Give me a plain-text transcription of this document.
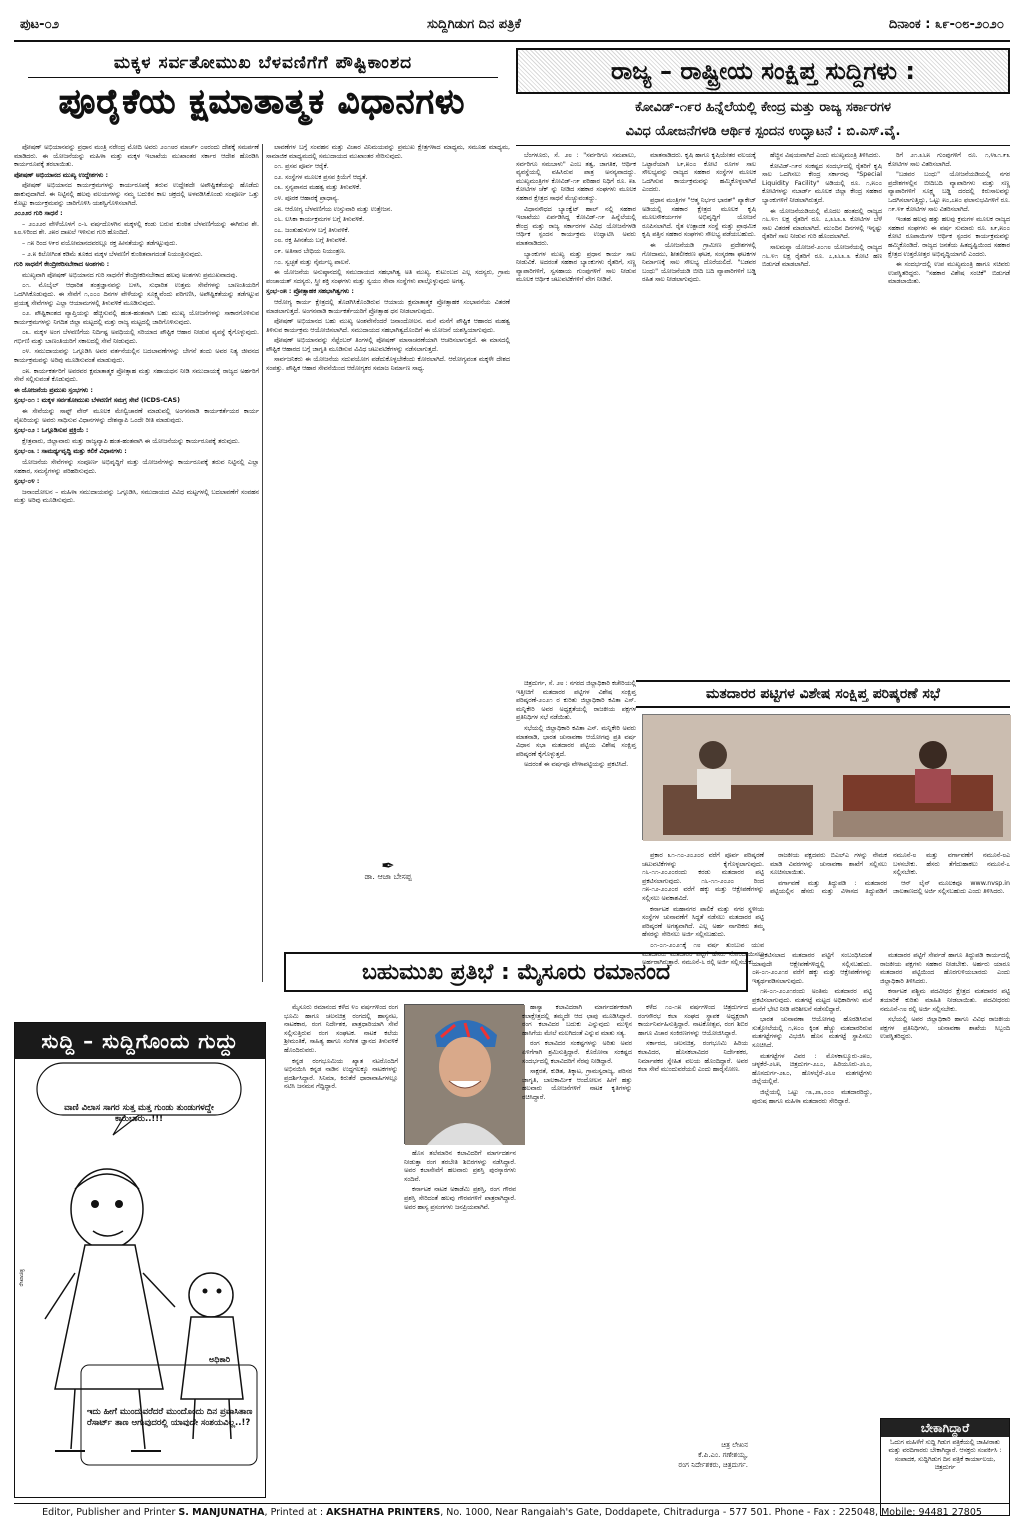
ಪುಟ-೦೨	ಸುದ್ದಿಗಿಡುಗ ದಿನ ಪತ್ರಿಕೆ	ದಿನಾಂಕ : ೩೯-೦೮-೨೦೨೦
ಮಕ್ಕಳ ಸರ್ವತೋಮುಖ ಬೆಳವಣಿಗೆಗೆ ಪೌಷ್ಟಿಕಾಂಶದ
ಪೂರೈಕೆಯ ಕ್ಷಮಾತಾತ್ಮಕ ವಿಧಾನಗಳು

ಪೋಷಣ್ ಅಭಿಯಾನವನ್ನು ಪ್ರಧಾನ ಮಂತ್ರಿ ನರೇಂದ್ರ ಮೋದಿ ಅವರು ೨೦೧೮ರ ಮಾರ್ಚ್ ೦೮ರಂದು ದೇಶಕ್ಕೆ ಸಮರ್ಪಣೆ ಮಾಡಿದರು. ಈ ಯೋಜನೆಯನ್ನು ಮಹಿಳಾ ಮತ್ತು ಮಕ್ಕಳ ಇಲಾಖೆಯ ಮುಖಾಂತರ ಸರ್ಕಾರ ಆದೇಶ ಹೊರಡಿಸಿ ಕಾರ್ಯರೂಪಕ್ಕೆ ತರಲಾಯಿತು.

ಪೋಷಣ್ ಅಭಿಯಾನದ ಮುಖ್ಯ ಉದ್ದೇಶಗಳು :

ಪೋಷಣ್ ಅಭಿಯಾನದ ಕಾರ್ಯಕ್ರಮಗಳನ್ನು ಕಾರ್ಯರೂಪಕ್ಕೆ ತರುವ ಉದ್ದೇಶದೇ ಅಪೌಷ್ಟಿಕತೆಯನ್ನು ಹೊಡೆದು ಹಾಕುವುದಾಗಿದೆ. ಈ ನಿಟ್ಟಿನಲ್ಲಿ ಹಲವು ವಲಯಗಳನ್ನು ನಮ್ಮ ಬದುಕಿನ ಕಾಲ ಚಕ್ರದಲ್ಲಿ ಅಳವಡಿಸಿಕೊಂಡು ಸಂಪೂರ್ಣ ಒತ್ತು ಕೊಟ್ಟು ಕಾರ್ಯಕ್ರಮವನ್ನು ಜಾರಿಗೊಳಿಸಿ ಯಶಸ್ವಿಗೊಳಿಸಲಾಗಿದೆ.

೨೦೨೨ರ ಗುರಿ ಸಾಧನೆ :

– ೨೦೨೨ರ ವೇಳೆಯೊಳಗೆ ೦-೬ ವರ್ಷದೊಳಗಿನ ಮಕ್ಕಳಲ್ಲಿ ಕಂಡು ಬರುವ ಕುಂಠಿತ ಬೆಳವಣಿಗೆಯನ್ನು ಈಗಿರುವ ಶೇ. ೩೮.೪ರಿಂದ ಶೇ. ೨೫ರ ದಾಖಲೆ ಇಳಿಸುವ ಗುರಿ ಹೊಂದಿದೆ.

– ೧೫ ರಿಂದ ೪೯ರ ವಯೋಮಾನದವರಲ್ಲೂ ರಕ್ತ ಹೀನತೆಯನ್ನು ತಡೆಗಟ್ಟುವುದು.

– ೨.೫ ಕಿಲೋಗಿಂತ ಕಡಿಮೆ ತೂಕದ ಮಕ್ಕಳ ಬೆಳವಣಿಗೆ ಕುಂಠಿತವಾಗದಂತೆ ನಿಯಂತ್ರಿಸುವುದು.

ಗುರಿ ಸಾಧನೆಗೆ ಕೇಂದ್ರೀಕರಿಸಬೇಕಾದ ಅಂಶಗಳು :

ಮುಖ್ಯವಾಗಿ ಪೋಷಣ್ ಅಭಿಯಾನದ ಗುರಿ ಸಾಧನೆಗೆ ಕೇಂದ್ರೀಕರಿಸಬೇಕಾದ ಹಲವು ಅಂಶಗಳು ಪ್ರಮುಖವಾದವು.

೦೧. ಮೊಬೈಲ್ ಆಧಾರಿತ ತಂತ್ರಜ್ಞಾನವನ್ನು ಬಳಸಿ, ಸುಧಾರಿತ ಉತ್ತಮ ಸೇವೆಗಳನ್ನು ಬಾಣಂತಿಯರಿಗೆ ಒದಗಿಸಿಕೊಡುವುದು. ಈ ಸೇವೆಗೆ ೧,೦೦೦ ದಿನಗಳ ವೇಳೆಯನ್ನು ಸೂಕ್ಷ್ಮವೆಂದು ಪರಿಗಣಿಸಿ, ಅಪೌಷ್ಟಿಕತೆಯನ್ನು ತಡೆಗಟ್ಟುವ ಪ್ರಯತ್ನ ಸೇವೆಗಳನ್ನು ಎಲ್ಲಾ ಆಯಾಮಗಳಲ್ಲಿ ತಿಳುವಳಿಕೆ ಮೂಡಿಸುವುದು.

೦೨. ಪೌಷ್ಟಿಕಾಂಶದ ವ್ಯಾಪ್ತಿಯನ್ನು ಹೆಚ್ಚಿಸುವಲ್ಲಿ ಹಂತ-ಹಂತವಾಗಿ ಬಹು ಮುಖ್ಯ ಯೋಜನೆಗಳನ್ನು ಸಾಕಾರಗೊಳಿಸುವ ಕಾರ್ಯಕ್ರಮಗಳನ್ನು ನಿಗದಿತ ಜಿಲ್ಲಾ ಮಟ್ಟದಲ್ಲಿ ಮತ್ತು ರಾಜ್ಯ ಮಟ್ಟದಲ್ಲಿ ಜಾರಿಗೊಳಿಸುವುದು.

೦೩. ಮಕ್ಕಳ ಅಂಗ ಬೆಳವಣಿಗೆಯ ನಿರ್ದಿಷ್ಟ ಅವಧಿಯಲ್ಲಿ ಸರಿಯಾದ ಪೌಷ್ಟಿಕ ಆಹಾರ ನೀಡುವ ವ್ಯವಸ್ಥೆ ಕೈಗೊಳ್ಳುವುದು. ಗರ್ಭಿಣಿ ಮತ್ತು ಬಾಣಂತಿಯರಿಗೆ ಸಕಾಲದಲ್ಲಿ ಸೇವೆ ನೀಡುವುದು.

೦೪. ಸಮುದಾಯವನ್ನು ಒಗ್ಗೂಡಿಸಿ ಅವರ ವರ್ತನೆಯಲ್ಲಿನ ಬದಲಾವಣೆಗಳನ್ನು ಬೇಗನೆ ತಂದು ಅವರ ನಿತ್ಯ ಜೀವನದ ಕಾರ್ಯಕ್ರಮವನ್ನು ಅರಿವು ಮೂಡಿಸುವಂತೆ ಮಾಡುವುದು.

೦೫. ಕಾರ್ಯಕರ್ತರಿಗೆ ಅವರವರ ಕ್ಷಮಾತಾತ್ಮಕ ಪ್ರೋತ್ಸಾಹ ಮತ್ತು ಸಹಾಯಧನ ನೀಡಿ ಸಮುದಾಯಕ್ಕೆ ರಾಜ್ಯದ ಅರ್ಹರಿಗೆ ಸೇವೆ ಸಲ್ಲಿಸುವಂತೆ ಕೊಡುವುದು.

ಈ ಯೋಜನೆಯ ಪ್ರಮುಖ ಸ್ತಂಭಗಳು :

ಸ್ತಂಭ-೦೧ : ಮಕ್ಕಳ ಸರ್ವತೋಮುಖ ಬೆಳವಣಿಗೆ ಸಮಗ್ರ ಸೇವೆ (ICDS-CAS)

ಈ ಸೇವೆಯನ್ನು ಸಾಫ್ಟ್ ವೇರ್ ಮೂಲಕ ಮೇಲ್ವಿಚಾರಣೆ ಮಾಡುವಲ್ಲಿ ಅಂಗನವಾಡಿ ಕಾರ್ಯಕರ್ತೆಯರ ಕಾರ್ಯ ವೈಖರಿಯನ್ನು ಅವರು ಸಾಧಿಸುವ ವಿಧಾನಗಳನ್ನು ದೇಶವ್ಯಾಪಿ ಒಂದೇ ರೀತಿ ಮಾಡುವುದು.

ಸ್ತಂಭ-೦೨ : ಒಗ್ಗೂಡಿಸುವ ಪ್ರಕ್ರಿಯೆ :

ಕ್ಷೇತ್ರವಾರು, ಜಿಲ್ಲಾವಾರು ಮತ್ತು ರಾಜ್ಯವ್ಯಾಪಿ ಹಂತ-ಹಂತವಾಗಿ ಈ ಯೋಜನೆಯನ್ನು ಕಾರ್ಯರೂಪಕ್ಕೆ ತರುವುದು.

ಸ್ತಂಭ-೦೩ : ಸಾಮರ್ಥ್ಯವೃದ್ಧಿ ಮತ್ತು ಕಲಿಕೆ ವಿಧಾನಗಳು :

ಯೋಜನೆಯ ಸೇವೆಗಳನ್ನು ಸಂಪೂರ್ಣ ಅಭಿವೃದ್ಧಿಗೆ ಮತ್ತು ಯೋಜನೆಗಳನ್ನು ಕಾರ್ಯರೂಪಕ್ಕೆ ತರುವ ನಿಟ್ಟಿನಲ್ಲಿ ಎಲ್ಲಾ ಸಹಕಾರ, ಸಮಸ್ಯೆಗಳನ್ನು ಪರಿಹರಿಸುವುದು.

ಸ್ತಂಭ-೦೪ :

ಜನಾಂದೋಲನ – ಮಹಿಳಾ ಸಮುದಾಯವನ್ನು ಒಗ್ಗೂಡಿಸಿ, ಸಮುದಾಯದ ವಿವಿಧ ಮಟ್ಟಗಳಲ್ಲಿ ಬದಲಾವಣೆಗೆ ಸಂವಹನ ಮತ್ತು ಅರಿವು ಮೂಡಿಸುವುದು.

ಲಾವಣೆಗಳ ಬಗ್ಗೆ ಸಂವಹನ ಮತ್ತು ವಿಚಾರ ವಿನಿಮಯವನ್ನು ಪ್ರಮುಖ ಕ್ಷೇತ್ರಗಳಾದ ಮಾಧ್ಯಮ, ಸಮೂಹ ಮಾಧ್ಯಮ, ಸಾಮಾಜಿಕ ಮಾಧ್ಯಮದಲ್ಲಿ ಸಮುದಾಯದ ಮುಖಾಂತರ ಸೇರಿಸುವುದು.

೦೧. ಪ್ರಸವ ಪೂರ್ವ ಆರೈಕೆ.

೦೨. ಸಂಸ್ಥೆಗಳ ಮೂಲಕ ಪ್ರಸವ ಕ್ರಿಯೆಗೆ ಆದ್ಯತೆ.

೦೩. ಸ್ತನ್ಯಪಾನದ ಮಹತ್ವ ಮತ್ತು ತಿಳುವಳಿಕೆ.

೦೪. ಪೂರಕ ಆಹಾರಕ್ಕೆ ಪ್ರಾಧಾನ್ಯ.

೦೫. ಆರೋಗ್ಯ ಬೆಳವಣಿಗೆಯ ಉಸ್ತುವಾರಿ ಮತ್ತು ಉತ್ತೇಜನ.

೦೬. ಲಸಿಕಾ ಕಾರ್ಯಕ್ರಮಗಳ ಬಗ್ಗೆ ತಿಳುವಳಿಕೆ.

೦೭. ಜಂತುಹುಳುಗಳ ಬಗ್ಗೆ ತಿಳುವಳಿಕೆ.

೦೮. ರಕ್ತ ಹೀನತೆಯ ಬಗ್ಗೆ ತಿಳುವಳಿಕೆ.

೦೯. ಅತಿಸಾರ ಬೇಧಿಯ ನಿಯಂತ್ರಣ.

೧೦. ಸ್ವಚ್ಛತೆ ಮತ್ತು ನೈರ್ಮಲ್ಯ ಪಾಲನೆ.

ಈ ಯೋಜನೆಯ ಅನುಷ್ಠಾನದಲ್ಲಿ ಸಮುದಾಯದ ಸಹಭಾಗಿತ್ವ ಅತಿ ಮುಖ್ಯ. ಕುಟುಂಬದ ಎಲ್ಲ ಸದಸ್ಯರು, ಗ್ರಾಮ ಪಂಚಾಯತ್ ಸದಸ್ಯರು, ಸ್ತ್ರೀ ಶಕ್ತಿ ಸಂಘಗಳು ಮತ್ತು ಸ್ವಯಂ ಸೇವಾ ಸಂಸ್ಥೆಗಳು ಪಾಲ್ಗೊಳ್ಳುವುದು ಅಗತ್ಯ.

ಸ್ತಂಭ-೦೫ : ಪ್ರೋತ್ಸಾಹಕ ಸಹಭಾಗಿತ್ವಗಳು :

ಆರೋಗ್ಯ ಕಾರ್ಯ ಕ್ಷೇತ್ರದಲ್ಲಿ ತೊಡಗಿಸಿಕೊಂಡಿರುವ ಆಯಾಯ ಕ್ಷಮಾತಾತ್ಮಕ ಪ್ರೋತ್ಸಾಹಕ ಸಂಭಾವನೆಯ ವಿತರಣೆ ಮಾಡಲಾಗುತ್ತದೆ. ಅಂಗನವಾಡಿ ಕಾರ್ಯಕರ್ತೆಯರಿಗೆ ಪ್ರೋತ್ಸಾಹ ಧನ ನೀಡಲಾಗುವುದು.

ಪೋಷಣ್ ಅಭಿಯಾನದ ಬಹು ಮುಖ್ಯ ಅಂಶವೇನೆಂದರೆ ಜನಾಂದೋಲನ. ಮನೆ ಮನೆಗೆ ಪೌಷ್ಟಿಕ ಆಹಾರದ ಮಹತ್ವ ತಿಳಿಸುವ ಕಾರ್ಯಕ್ರಮ ಆಯೋಜಿಸಲಾಗಿದೆ. ಸಮುದಾಯದ ಸಹಭಾಗಿತ್ವದೊಂದಿಗೆ ಈ ಯೋಜನೆ ಯಶಸ್ವಿಯಾಗುವುದು.

ಪೋಷಣ್ ಅಭಿಯಾನವನ್ನು ಸೆಪ್ಟೆಂಬರ್ ತಿಂಗಳಲ್ಲಿ ಪೋಷಣ್ ಮಾಸಾಚರಣೆಯಾಗಿ ಆಚರಿಸಲಾಗುತ್ತದೆ. ಈ ಮಾಸದಲ್ಲಿ ಪೌಷ್ಟಿಕ ಆಹಾರದ ಬಗ್ಗೆ ಜಾಗೃತಿ ಮೂಡಿಸುವ ವಿವಿಧ ಚಟುವಟಿಕೆಗಳನ್ನು ನಡೆಸಲಾಗುತ್ತದೆ.

ಸಾರ್ವಜನಿಕರು ಈ ಯೋಜನೆಯ ಸದುಪಯೋಗ ಪಡೆದುಕೊಳ್ಳಬೇಕೆಂದು ಕೋರಲಾಗಿದೆ. ಆರೋಗ್ಯವಂತ ಮಕ್ಕಳೇ ದೇಶದ ಸಂಪತ್ತು. ಪೌಷ್ಟಿಕ ಆಹಾರ ಸೇವನೆಯಿಂದ ಆರೋಗ್ಯಕರ ಸಮಾಜ ನಿರ್ಮಾಣ ಸಾಧ್ಯ.

✒
ಡಾ. ಆಜಾ ಬೇಸಪ್ಪ
ಸುದ್ದಿ – ಸುದ್ದಿಗೊಂದು ಗುದ್ದು
ವಾಣಿ ವಿಲಾಸ ಸಾಗರ ಸುತ್ತ ಮತ್ತ ಗುಂಡು ತುಂಡುಗಳದ್ದೇ ಕಾರುಬಾರು..!!!
ಅಧಿಕಾರಿ
ಇದು ಹೀಗೆ ಮುಂದುವರೆದರೆ ಮುಂದೊಂದು ದಿನ ಪ್ರವಾಸಿತಾಣ ರೆಸಾರ್ಟ್ ತಾಣ ಆಗುವುದರಲ್ಲಿ ಯಾವುದೇ ಸಂಶಯವಿಲ್ಲ..!?
ರೇಖಾಚಿತ್ರ
ರಾಜ್ಯ – ರಾಷ್ಟ್ರೀಯ ಸಂಕ್ಷಿಪ್ತ ಸುದ್ದಿಗಳು :
ಕೋವಿಡ್-೧೯ರ ಹಿನ್ನೆಲೆಯಲ್ಲಿ ಕೇಂದ್ರ ಮತ್ತು ರಾಜ್ಯ ಸರ್ಕಾರಗಳ
ವಿವಿಧ ಯೋಜನೆಗಳಡಿ ಆರ್ಥಿಕ ಸ್ಪಂದನ ಉದ್ಘಾಟನೆ : ಬಿ.ಎಸ್.ವೈ.

ಬೆಂಗಳೂರು, ಸೆ. ೨೮ : "ಸರ್ವರಿಗೂ ಸಮಪಾಲು, ಸರ್ವರಿಗೂ ಸಮಬಾಳು" ಎಂಬ ತತ್ವ, ಜಾಗತಿಕ, ಆರ್ಥಿಕ ವ್ಯವಸ್ಥೆಯಲ್ಲಿ ವಹಿಸಿರುವ ಪಾತ್ರ ಅನನ್ಯವಾದದ್ದು. ಮುಖ್ಯಮಂತ್ರಿಗಳ ಕೋವಿಡ್-೧೯ ಪರಿಹಾರ ನಿಧಿಗೆ ರೂ. ೫೩ ಕೋಟಿಗಳ ಚೆಕ್ ನ್ನು ನೀಡಿದ ಸಹಕಾರ ಸಂಘಗಳು ಮೂಲಕ ಸಹಕಾರ ಕ್ಷೇತ್ರದ ಸಾಧನೆ ಮೆಚ್ಚುವಂತದ್ದು.

ವಿಧಾನಸೌಧದ ಬ್ಯಾಂಕ್ವೆಟ್ ಹಾಲ್ ನಲ್ಲಿ ಸಹಕಾರ ಇಲಾಖೆಯು ಏರ್ಪಡಿಸಿದ್ದ ಕೋವಿಡ್-೧೯ ಹಿನ್ನೆಲೆಯಲ್ಲಿ ಕೇಂದ್ರ ಮತ್ತು ರಾಜ್ಯ ಸರ್ಕಾರಗಳ ವಿವಿಧ ಯೋಜನೆಗಳಡಿ ಆರ್ಥಿಕ ಸ್ಪಂದನ ಕಾರ್ಯಕ್ರಮ ಉದ್ಘಾಟಿಸಿ ಅವರು ಮಾತನಾಡಿದರು.

ಬ್ಯಾಂಕುಗಳ ಮುಖ್ಯ ಮತ್ತು ಪ್ರಧಾನ ಕಾರ್ಯ ಸಾಲ ನೀಡುವಿಕೆ. ಅದರಂತೆ ಸಹಕಾರ ಬ್ಯಾಂಕುಗಳು ರೈತರಿಗೆ, ಸಣ್ಣ ವ್ಯಾಪಾರಿಗಳಿಗೆ, ಸ್ವಸಹಾಯ ಗುಂಪುಗಳಿಗೆ ಸಾಲ ನೀಡುವ ಮೂಲಕ ಆರ್ಥಿಕ ಚಟುವಟಿಕೆಗಳಿಗೆ ವೇಗ ನೀಡಿವೆ.

ಮಾತನಾಡಿದರು. ಕೃಷಿ ಹಾಗೂ ಕೃಷಿಯೇತರ ವಲಯಕ್ಕೆ ಒಟ್ಟಾರೆಯಾಗಿ ೬೯,೫೦೦ ಕೋಟಿ ರೂಗಳ ಸಾಲ ಸೌಲಭ್ಯವನ್ನು ರಾಜ್ಯದ ಸಹಕಾರ ಸಂಸ್ಥೆಗಳ ಮೂಲಕ ಒದಗಿಸುವ ಕಾರ್ಯಕ್ರಮವನ್ನು ಹಮ್ಮಿಕೊಳ್ಳಲಾಗಿದೆ ಎಂದರು.

ಪ್ರಧಾನ ಮಂತ್ರಿಗಳ "ಆತ್ಮ ನಿರ್ಭರ ಭಾರತ್" ಪ್ಯಾಕೇಜ್ ಅಡಿಯಲ್ಲಿ ಸಹಕಾರ ಕ್ಷೇತ್ರದ ಮೂಲಕ ಕೃಷಿ ಮೂಲಸೌಕರ್ಯಗಳ ಅಭಿವೃದ್ಧಿಗೆ ಯೋಜನೆ ರೂಪಿಸಲಾಗಿದೆ. ರೈತ ಉತ್ಪಾದಕ ಸಂಸ್ಥೆ ಮತ್ತು ಪ್ರಾಥಮಿಕ ಕೃಷಿ ಪತ್ತಿನ ಸಹಕಾರ ಸಂಘಗಳು ಸೌಲಭ್ಯ ಪಡೆಯಬಹುದು.

ಈ ಯೋಜನೆಯಡಿ ಗ್ರಾಮೀಣ ಪ್ರದೇಶಗಳಲ್ಲಿ ಗೋದಾಮು, ಶೀತಲೀಕರಣ ಘಟಕ, ಸಂಸ್ಕರಣಾ ಘಟಕಗಳ ನಿರ್ಮಾಣಕ್ಕೆ ಸಾಲ ಸೌಲಭ್ಯ ದೊರೆಯಲಿದೆ. "ಬಡವರ ಬಂಧು" ಯೋಜನೆಯಡಿ ಬೀದಿ ಬದಿ ವ್ಯಾಪಾರಿಗಳಿಗೆ ಬಡ್ಡಿ ರಹಿತ ಸಾಲ ನೀಡಲಾಗುವುದು.

ಹೆಚ್ಚಿನ ವಿಷಯವಾಗಿದೆ ಎಂದು ಮುಖ್ಯಮಂತ್ರಿ ತಿಳಿಸಿದರು.

ಕೋವಿಡ್-೧೯ರ ಸಂಕಷ್ಟದ ಸಂದರ್ಭದಲ್ಲಿ ರೈತರಿಗೆ ಕೃಷಿ ಸಾಲ ಒದಗಿಸಲು ಕೇಂದ್ರ ಸರ್ಕಾರವು "Special Liquidity Facility" ಅಡಿಯಲ್ಲಿ ರೂ. ೧,೫೦೦ ಕೋಟಿಗಳನ್ನು ನಬಾರ್ಡ್ ಮೂಲಕ ಜಿಲ್ಲಾ ಕೇಂದ್ರ ಸಹಕಾರ ಬ್ಯಾಂಕುಗಳಿಗೆ ನೀಡಲಾಗಿರುತ್ತದೆ.

ಈ ಯೋಜನೆಯಡಿಯಲ್ಲಿ ಮೊದಲ ಹಂತದಲ್ಲಿ ರಾಜ್ಯದ ೧೬.೪೧ ಲಕ್ಷ ರೈತರಿಗೆ ರೂ. ೭,೩೬೩.೩ ಕೋಟಿಗಳ ಬೆಳೆ ಸಾಲ ವಿತರಣೆ ಮಾಡಲಾಗಿದೆ. ಮುಂದಿನ ದಿನಗಳಲ್ಲಿ ಇನ್ನಷ್ಟು ರೈತರಿಗೆ ಸಾಲ ನೀಡುವ ಗುರಿ ಹೊಂದಲಾಗಿದೆ.

ಸಾಲಮನ್ನಾ ಯೋಜನೆ-೨೦೧೮ ಯೋಜನೆಯಲ್ಲಿ ರಾಜ್ಯದ ೧೬.೪೧ ಲಕ್ಷ ರೈತರಿಗೆ ರೂ. ೭,೩೬೩.೩ ಕೋಟಿ ಹಣ ಬಿಡುಗಡೆ ಮಾಡಲಾಗಿದೆ.

ರಿಗೆ ೨೧.೩೬೫ ಗುಂಪುಗಳಿಗೆ ರೂ. ೧,೪೩೧.೯೩ ಕೋಟಿಗಳ ಸಾಲ ವಿತರಿಸಲಾಗಿದೆ.

"ಬಡವರ ಬಂಧು" ಯೋಜನೆಯಡಿಯಲ್ಲಿ ನಗರ ಪ್ರದೇಶಗಳಲ್ಲಿನ ಬೀದಿಬದಿ ವ್ಯಾಪಾರಿಗಳು ಮತ್ತು ಸಣ್ಣ ವ್ಯಾಪಾರಿಗಳಿಗೆ ಸೂಕ್ಷ್ಮ ಬಡ್ಡಿ ದರದಲ್ಲಿ ಕಿರುಸಾಲವನ್ನು ಒದಗಿಸಲಾಗುತ್ತಿದ್ದು, ಒಟ್ಟು ೫೦,೭೫೦ ಫಲಾನುಭವಿಗಳಿಗೆ ರೂ. ೧೯.೪೯ ಕೋಟಿಗಳ ಸಾಲ ವಿತರಿಸಲಾಗಿದೆ.

ಇಂತಹ ಹಲವು ಹತ್ತು ಹಲವು ಕ್ರಮಗಳ ಮೂಲಕ ರಾಜ್ಯದ ಸಹಕಾರ ಸಂಘಗಳು ಈ ವರ್ಷ ಸುಮಾರು ರೂ. ೩೯,೫೦೦ ಕೋಟಿ ರೂಪಾಯಿಗಳ ಆರ್ಥಿಕ ಸ್ಪಂದನ ಕಾರ್ಯಕ್ರಮವನ್ನು ಹಮ್ಮಿಕೊಂಡಿದೆ. ರಾಜ್ಯದ ಜನತೆಯ ಹಿತದೃಷ್ಟಿಯಿಂದ ಸಹಕಾರ ಕ್ಷೇತ್ರದ ಉತ್ತರೋತ್ತರ ಅಭಿವೃದ್ಧಿಯಾಗಲಿ ಎಂದರು.

ಈ ಸಂದರ್ಭದಲ್ಲಿ ಉಪ ಮುಖ್ಯಮಂತ್ರಿ ಹಾಗೂ ಸಚಿವರು ಉಪಸ್ಥಿತರಿದ್ದರು. "ಸಹಕಾರ ವಿಶೇಷ ಸಂಚಿಕೆ" ಬಿಡುಗಡೆ ಮಾಡಲಾಯಿತು.

ಚಿತ್ರದುರ್ಗ, ಸೆ. ೨೮ : ನಗರದ ಜಿಲ್ಲಾಧಿಕಾರಿ ಕಚೇರಿಯಲ್ಲಿ ಇತ್ತೀಚಿಗೆ ಮತದಾರರ ಪಟ್ಟಿಗಳ ವಿಶೇಷ ಸಂಕ್ಷಿಪ್ತ ಪರಿಷ್ಕರಣೆ-೨೦೨೧ ರ ಕುರಿತು ಜಿಲ್ಲಾಧಿಕಾರಿ ಕವಿತಾ ಎಸ್. ಮನ್ನಿಕೇರಿ ಅವರ ಅಧ್ಯಕ್ಷತೆಯಲ್ಲಿ ರಾಜಕೀಯ ಪಕ್ಷಗಳ ಪ್ರತಿನಿಧಿಗಳ ಸಭೆ ನಡೆಯಿತು.

ಸಭೆಯಲ್ಲಿ ಜಿಲ್ಲಾಧಿಕಾರಿ ಕವಿತಾ ಎಸ್. ಮನ್ನಿಕೇರಿ ಅವರು ಮಾತನಾಡಿ, ಭಾರತ ಚುನಾವಣಾ ಆಯೋಗವು ಪ್ರತಿ ವರ್ಷ ವಿಧಾನ ಸಭಾ ಮತದಾರರ ಪಟ್ಟಿಯ ವಿಶೇಷ ಸಂಕ್ಷಿಪ್ತ ಪರಿಷ್ಕರಣೆ ಕೈಗೊಳ್ಳುತ್ತದೆ.

ಅದರಂತೆ ಈ ವರ್ಷವೂ ವೇಳಾಪಟ್ಟಿಯನ್ನು ಪ್ರಕಟಿಸಿದೆ.

ಮತದಾರರ ಪಟ್ಟಿಗಳ ವಿಶೇಷ ಸಂಕ್ಷಿಪ್ತ ಪರಿಷ್ಕರಣೆ ಸಭೆ

ಪ್ರಕಾರ ೩೧-೧೦-೨೦೨೦ರ ವರೆಗೆ ಪೂರ್ವ ಪರಿಷ್ಕರಣೆ ಚಟುವಟಿಕೆಗಳನ್ನು ಕೈಗೊಳ್ಳಲಾಗುವುದು. ೧೬-೧೧-೨೦೨೦ರಂದು ಕರಡು ಮತದಾರರ ಪಟ್ಟಿ ಪ್ರಕಟಿಸಲಾಗುವುದು. ೧೬-೧೧-೨೦೨೦ ರಿಂದ ೧೫-೧೨-೨೦೨೦ರ ವರೆಗೆ ಹಕ್ಕು ಮತ್ತು ಆಕ್ಷೇಪಣೆಗಳನ್ನು ಸಲ್ಲಿಸಲು ಅವಕಾಶವಿದೆ.

ಕರ್ನಾಟಕ ಮಹಾನಗರ ಪಾಲಿಕೆ ಮತ್ತು ನಗರ ಸ್ಥಳೀಯ ಸಂಸ್ಥೆಗಳ ಚುನಾವಣೆಗೆ ಸಿದ್ಧತೆ ನಡೆಸಲು ಮತದಾರರ ಪಟ್ಟಿ ಪರಿಷ್ಕರಣೆ ಅಗತ್ಯವಾಗಿದೆ. ಎಲ್ಲ ಅರ್ಹ ನಾಗರಿಕರು ತಮ್ಮ ಹೆಸರನ್ನು ಸೇರಿಸಲು ಅರ್ಜಿ ಸಲ್ಲಿಸಬಹುದು.

೦೧-೦೧-೨೦೨೧ಕ್ಕೆ ೧೮ ವರ್ಷ ತುಂಬುವ ಯುವ ಮತದಾರರು ಮತದಾರರ ಪಟ್ಟಿಗೆ ಹೆಸರು ನೋಂದಾಯಿಸಲು ಅರ್ಹರಾಗಿರುತ್ತಾರೆ. ನಮೂನೆ-೬ ರಲ್ಲಿ ಅರ್ಜಿ ಸಲ್ಲಿಸಬೇಕು.

ರಾಜಕೀಯ ಪಕ್ಷದವರು ಬಿಎಲ್ಎ ಗಳನ್ನು ನೇಮಕ ಮಾಡಿ ವಿವರಗಳನ್ನು ಚುನಾವಣಾ ಶಾಖೆಗೆ ಸಲ್ಲಿಸಲು ಸೂಚಿಸಲಾಯಿತು.

ವರ್ಗಾವಣೆ ಮತ್ತು ತಿದ್ದುಪಡಿ : ಮತದಾರರ ಪಟ್ಟಿಯಲ್ಲಿನ ಹೆಸರು ಮತ್ತು ವಿಳಾಸದ ತಿದ್ದುಪಡಿಗೆ ನಮೂನೆ-೮ ಮತ್ತು ವರ್ಗಾವಣೆಗೆ ನಮೂನೆ-೮ಎ ಬಳಸಬೇಕು. ಹೆಸರು ತೆಗೆದುಹಾಕಲು ನಮೂನೆ-೭ ಸಲ್ಲಿಸಬೇಕು.

ಆನ್ ಲೈನ್ ಮೂಲಕವೂ www.nvsp.in ಜಾಲತಾಣದಲ್ಲಿ ಅರ್ಜಿ ಸಲ್ಲಿಸಬಹುದು ಎಂದು ತಿಳಿಸಿದರು.

ಬಹುಮುಖ ಪ್ರತಿಭೆ : ಮೈಸೂರು ರಮಾನಂದ

ಮೈಸೂರು ರಮಾನಂದ ಕಳೆದ ೪೦ ವರ್ಷಗಳಿಂದ ರಂಗ ಭೂಮಿ ಹಾಗೂ ಚಲನಚಿತ್ರ ರಂಗದಲ್ಲಿ ಹಾಸ್ಯನಟ, ನಾಟಕಕಾರ, ರಂಗ ನಿರ್ದೇಶಕ, ಪಾತ್ರಧಾರಿಯಾಗಿ ಸೇವೆ ಸಲ್ಲಿಸುತ್ತಿರುವ ರಂಗ ಸಂಘಟಕ. ನಾಟಕ ಕಲೆಯ ಶ್ರೀಮಂತಿಕೆ, ಸಾಹಿತ್ಯ ಹಾಗೂ ಸಂಗೀತ ಜ್ಞಾನದ ತಿಳುವಳಿಕೆ ಹೊಂದಿರುವರು.

ಕನ್ನಡ ರಂಗಭೂಮಿಯ ಖ್ಯಾತ ನಟರೊಂದಿಗೆ ಅಭಿನಯಿಸಿ ಕನ್ನಡ ನಾಡಿನ ಉದ್ದಗಲಕ್ಕೂ ನಾಟಕಗಳನ್ನು ಪ್ರದರ್ಶಿಸಿದ್ದಾರೆ. ಸಿನಿಮಾ, ಕಿರುತೆರೆ ಧಾರಾವಾಹಿಗಳಲ್ಲೂ ನಟಿಸಿ ಜನಮನ ಗೆದ್ದಿದ್ದಾರೆ.

ಹೊಸ ತಲೆಮಾರಿನ ಕಲಾವಿದರಿಗೆ ಮಾರ್ಗದರ್ಶನ ನೀಡುತ್ತಾ ರಂಗ ತರಬೇತಿ ಶಿಬಿರಗಳನ್ನು ನಡೆಸಿದ್ದಾರೆ. ಅವರ ಕಲಾಸೇವೆಗೆ ಹಲವಾರು ಪ್ರಶಸ್ತಿ ಪುರಸ್ಕಾರಗಳು ಸಂದಿವೆ.

ಕರ್ನಾಟಕ ನಾಟಕ ಅಕಾಡೆಮಿ ಪ್ರಶಸ್ತಿ, ರಂಗ ಗೌರವ ಪ್ರಶಸ್ತಿ ಸೇರಿದಂತೆ ಹಲವು ಗೌರವಗಳಿಗೆ ಪಾತ್ರರಾಗಿದ್ದಾರೆ. ಅವರ ಹಾಸ್ಯ ಪ್ರಸಂಗಗಳು ಜನಪ್ರಿಯವಾಗಿವೆ.

ಹಾಸ್ಯಾ ಕಲಾವಿದರಾಗಿ ಮಾರ್ಗದರ್ಶಕರಾಗಿ ಕಲಾಕ್ಷೇತ್ರದಲ್ಲಿ ತಮ್ಮದೇ ಆದ ಛಾಪು ಮೂಡಿಸಿದ್ದಾರೆ. ರಂಗ ಕಲಾವಿದರ ಬದುಕು ಎನ್ನುವುದು ಮುಳ್ಳಿನ ಹಾಸಿಗೆಯ ಮೇಲೆ ಮಲಗಿದಂತೆ ಎನ್ನುವ ಮಾತು ಸತ್ಯ.

ರಂಗ ಕಲಾವಿದರ ಸಂಕಷ್ಟಗಳನ್ನು ಅರಿತು ಅವರ ಏಳಿಗೆಗಾಗಿ ಶ್ರಮಿಸುತ್ತಿದ್ದಾರೆ. ಕೊರೋನಾ ಸಂಕಷ್ಟದ ಸಂದರ್ಭದಲ್ಲಿ ಕಲಾವಿದರಿಗೆ ನೆರವು ನೀಡಿದ್ದಾರೆ.

ಸಾಕ್ಷರತೆ, ಕುಡಿತ, ತಿಕ್ಕಾಟ, ಗ್ರಾಮಸ್ವರಾಜ್ಯ, ಪರಿಸರ ಜಾಗೃತಿ, ಬಾಲಕಾರ್ಮಿಕ ಆಂದೋಲನ ಹೀಗೆ ಹತ್ತು ಹಲವಾರು ಯೋಜನೆಗಳಿಗೆ ನಾಟಕ ಕೃತಿಗಳನ್ನು ರಚಿಸಿದ್ದಾರೆ.

ಕಳೆದ ೧೦-೧೫ ವರ್ಷಗಳಿಂದ ಚಿತ್ರದುರ್ಗದ ರಂಗಸೌರಭ ಕಲಾ ಸಂಘದ ಸ್ಥಾಪಕ ಅಧ್ಯಕ್ಷರಾಗಿ ಕಾರ್ಯನಿರ್ವಹಿಸುತ್ತಿದ್ದಾರೆ. ನಾಟಕೋತ್ಸವ, ರಂಗ ಶಿಬಿರ ಹಾಗೂ ವಿಚಾರ ಸಂಕಿರಣಗಳನ್ನು ಆಯೋಜಿಸಿದ್ದಾರೆ.

ಸರ್ಕಾರದ, ಚಲನಚಿತ್ರ, ರಂಗಭೂಮಿ ಹಿರಿಯ ಕಲಾವಿದರ, ಹೊಸಕಲಾವಿದರ ನಿರ್ದೇಶಕರ, ನಿರ್ಮಾಪಕರ ಸ್ನೇಹಿತ ವಲಯ ಹೊಂದಿದ್ದಾರೆ. ಅವರ ಕಲಾ ಸೇವೆ ಮುಂದುವರೆಯಲಿ ಎಂದು ಹಾರೈಸೋಣ.

ಚಿತ್ರ ಲೇಖನ
ಕೆ.ಪಿ.ಎಂ. ಗಣೇಶಯ್ಯ,
ರಂಗ ನಿರ್ದೇಶಕರು, ಚಿತ್ರದುರ್ಗ.

ಪ್ರಕಟಿಸಲಾದ ಮತದಾರರ ಪಟ್ಟಿಗೆ ಸಂಬಂಧಿಸಿದಂತೆ ಯಾವುದೇ ಆಕ್ಷೇಪಣೆಗಳಿದ್ದಲ್ಲಿ ಸಲ್ಲಿಸಬಹುದು. ೦೫-೦೧-೨೦೨೧ರ ವರೆಗೆ ಹಕ್ಕು ಮತ್ತು ಆಕ್ಷೇಪಣೆಗಳನ್ನು ಇತ್ಯರ್ಥಪಡಿಸಲಾಗುವುದು.

೧೫-೦೧-೨೦೨೧ರಂದು ಅಂತಿಮ ಮತದಾರರ ಪಟ್ಟಿ ಪ್ರಕಟಿಸಲಾಗುವುದು. ಮತಗಟ್ಟೆ ಮಟ್ಟದ ಅಧಿಕಾರಿಗಳು ಮನೆ ಮನೆಗೆ ಭೇಟಿ ನೀಡಿ ಪರಿಶೀಲನೆ ನಡೆಸಲಿದ್ದಾರೆ.

ಭಾರತ ಚುನಾವಣಾ ಆಯೋಗವು ಹೊರಡಿಸಿರುವ ಸುತ್ತೋಲೆಯಲ್ಲಿ ೧,೫೦೦ ಕ್ಕಿಂತ ಹೆಚ್ಚು ಮತದಾರರಿರುವ ಮತಗಟ್ಟೆಗಳನ್ನು ವಿಭಜಿಸಿ ಹೊಸ ಮತಗಟ್ಟೆ ಸ್ಥಾಪಿಸಲು ಸೂಚಿಸಿದೆ.

ಮತಗಟ್ಟೆಗಳ ವಿವರ : ಮೊಳಕಾಲ್ಮೂರು-೨೫೦, ಚಳ್ಳಕೆರೆ-೨೬೫, ಚಿತ್ರದುರ್ಗ-೨೭೦, ಹಿರಿಯೂರು-೨೬೦, ಹೊಸದುರ್ಗ-೨೩೦, ಹೊಳಲ್ಕೆರೆ-೨೬೮ ಮತಗಟ್ಟೆಗಳು ಜಿಲ್ಲೆಯಲ್ಲಿವೆ.

ಜಿಲ್ಲೆಯಲ್ಲಿ ಒಟ್ಟು ೧೩,೨೩,೦೦೦ ಮತದಾರರಿದ್ದು, ಪುರುಷ ಹಾಗೂ ಮಹಿಳಾ ಮತದಾರರು ಸೇರಿದ್ದಾರೆ.

ಮತದಾರರ ಪಟ್ಟಿಗೆ ಸೇರ್ಪಡೆ ಹಾಗೂ ತಿದ್ದುಪಡಿ ಕಾರ್ಯದಲ್ಲಿ ರಾಜಕೀಯ ಪಕ್ಷಗಳು ಸಹಕಾರ ನೀಡಬೇಕು. ಅರ್ಹರು ಯಾರೂ ಮತದಾರರ ಪಟ್ಟಿಯಿಂದ ಹೊರಗುಳಿಯಬಾರದು ಎಂದು ಜಿಲ್ಲಾಧಿಕಾರಿ ತಿಳಿಸಿದರು.

ಕರ್ನಾಟಕ ಪಶ್ಚಿಮ ಪದವೀಧರ ಕ್ಷೇತ್ರದ ಮತದಾರರ ಪಟ್ಟಿ ತಯಾರಿಕೆ ಕುರಿತು ಮಾಹಿತಿ ನೀಡಲಾಯಿತು. ಪದವೀಧರರು ನಮೂನೆ-೧೮ ರಲ್ಲಿ ಅರ್ಜಿ ಸಲ್ಲಿಸಬೇಕು.

ಸಭೆಯಲ್ಲಿ ಅಪರ ಜಿಲ್ಲಾಧಿಕಾರಿ ಹಾಗೂ ವಿವಿಧ ರಾಜಕೀಯ ಪಕ್ಷಗಳ ಪ್ರತಿನಿಧಿಗಳು, ಚುನಾವಣಾ ಶಾಖೆಯ ಸಿಬ್ಬಂದಿ ಉಪಸ್ಥಿತರಿದ್ದರು.

ಬೇಕಾಗಿದ್ದಾರೆ
ಓದುಗ ಮಹಿಳೆಗೆ ಸುದ್ದಿ ಗಿಡುಗ ಪತ್ರಿಕೆಯಲ್ಲಿ ಜಾಹೀರಾತು ಮತ್ತು ವರದಿಗಾರರು ಬೇಕಾಗಿದ್ದಾರೆ. ಆಸಕ್ತರು ಸಂಪರ್ಕಿಸಿ : ಸಂಪಾದಕ, ಸುದ್ದಿಗಿಡುಗ ದಿನ ಪತ್ರಿಕೆ ಕಾರ್ಯಾಲಯ, ಚಿತ್ರದುರ್ಗ
Editor, Publisher and Printer
S. MANJUNATHA , Printed at :
AKSHATHA PRINTERS , No. 1000, Near Rangaiah's Gate, Doddapete, Chitradurga - 577 501. Phone - Fax : 225048, Mobile: 94481 27805
